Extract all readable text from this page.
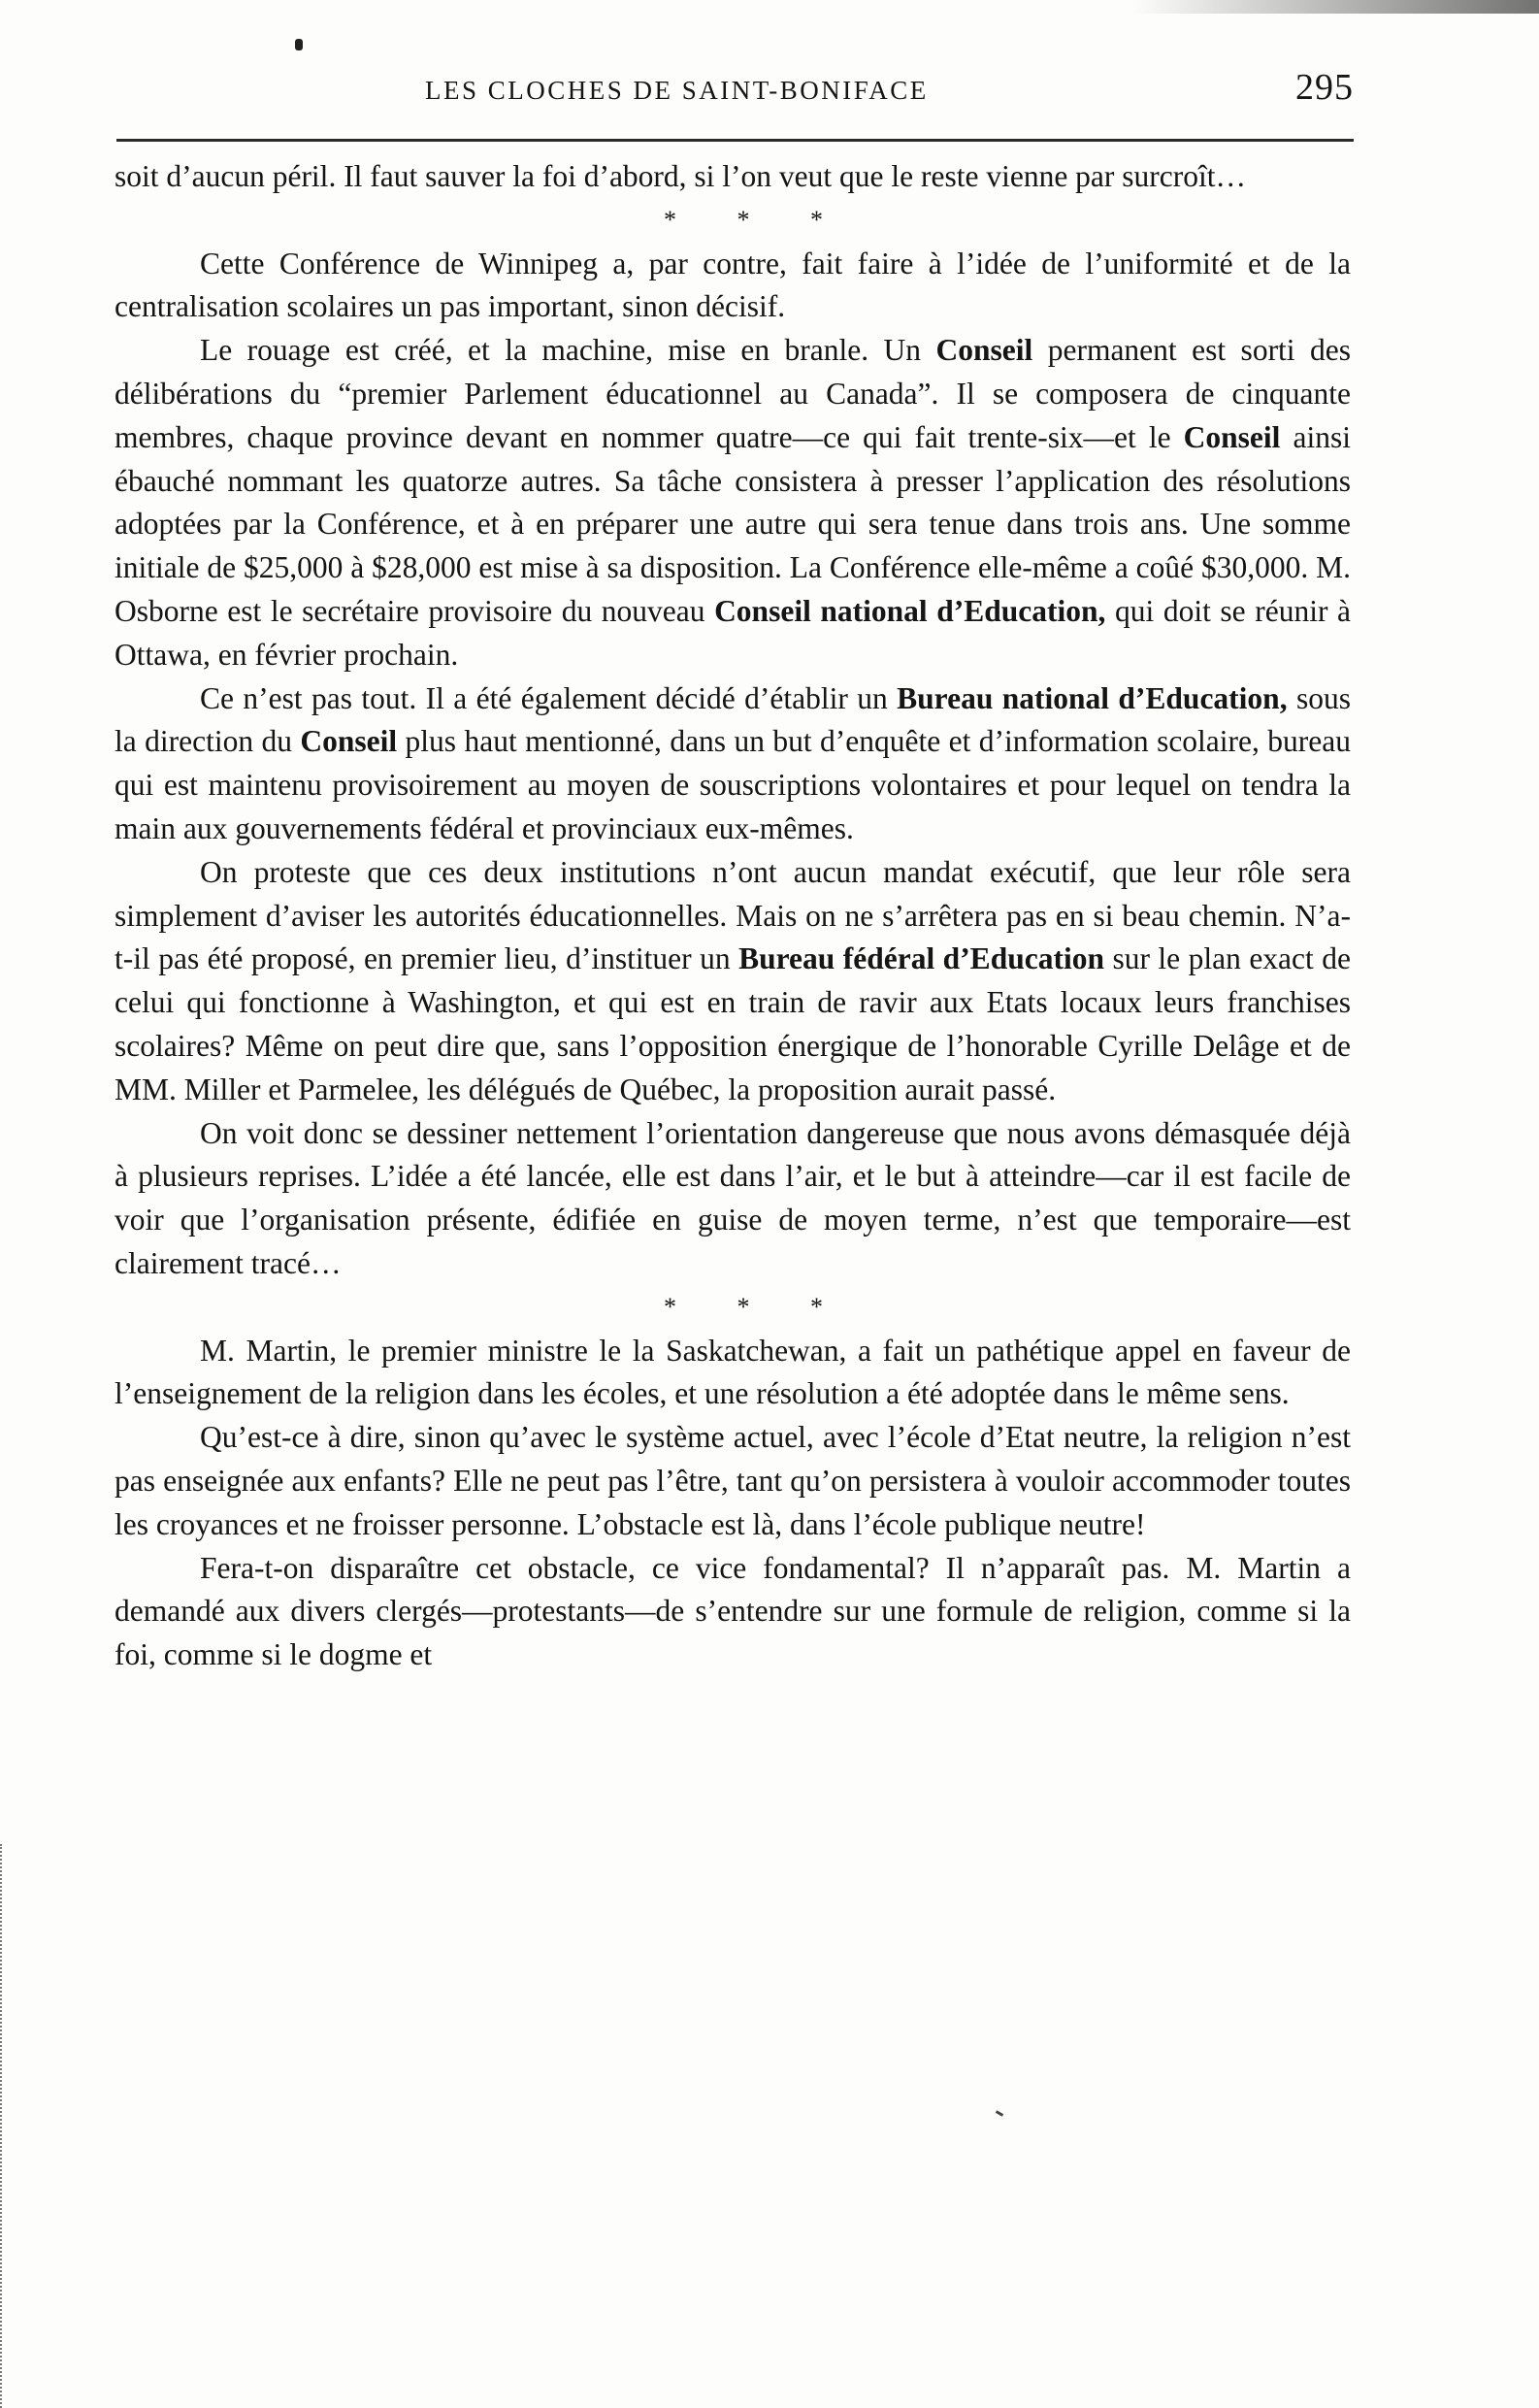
LES CLOCHES DE SAINT-BONIFACE	295

soit d’aucun péril. Il faut sauver la foi d’abord, si l’on veut que le reste vienne par surcroît…

* * *

Cette Conférence de Winnipeg a, par contre, fait faire à l’idée de l’uniformité et de la centralisation scolaires un pas important, sinon décisif.

Le rouage est créé, et la machine, mise en branle. Un Conseil permanent est sorti des délibérations du “premier Parlement éducationnel au Canada”. Il se composera de cinquante membres, chaque province devant en nommer quatre—ce qui fait trente-six—et le Conseil ainsi ébauché nommant les quatorze autres. Sa tâche consistera à presser l’application des résolutions adoptées par la Conférence, et à en préparer une autre qui sera tenue dans trois ans. Une somme initiale de $25,000 à $28,000 est mise à sa disposition. La Conférence elle-même a coûé $30,000. M. Osborne est le secrétaire provisoire du nouveau Conseil national d’Education, qui doit se réunir à Ottawa, en février prochain.

Ce n’est pas tout. Il a été également décidé d’établir un Bureau national d’Education, sous la direction du Conseil plus haut mentionné, dans un but d’enquête et d’information scolaire, bureau qui est maintenu provisoirement au moyen de souscriptions volontaires et pour lequel on tendra la main aux gouvernements fédéral et provinciaux eux-mêmes.

On proteste que ces deux institutions n’ont aucun mandat exécutif, que leur rôle sera simplement d’aviser les autorités éducationnelles. Mais on ne s’arrêtera pas en si beau chemin. N’a-t-il pas été proposé, en premier lieu, d’instituer un Bureau fédéral d’Education sur le plan exact de celui qui fonctionne à Washington, et qui est en train de ravir aux Etats locaux leurs franchises scolaires? Même on peut dire que, sans l’opposition énergique de l’honorable Cyrille Delâge et de MM. Miller et Parmelee, les délégués de Québec, la proposition aurait passé.

On voit donc se dessiner nettement l’orientation dangereuse que nous avons démasquée déjà à plusieurs reprises. L’idée a été lancée, elle est dans l’air, et le but à atteindre—car il est facile de voir que l’organisation présente, édifiée en guise de moyen terme, n’est que temporaire—est clairement tracé…

* * *

M. Martin, le premier ministre le la Saskatchewan, a fait un pathétique appel en faveur de l’enseignement de la religion dans les écoles, et une résolution a été adoptée dans le même sens.

Qu’est-ce à dire, sinon qu’avec le système actuel, avec l’école d’Etat neutre, la religion n’est pas enseignée aux enfants? Elle ne peut pas l’être, tant qu’on persistera à vouloir accommoder toutes les croyances et ne froisser personne. L’obstacle est là, dans l’école publique neutre!

Fera-t-on disparaître cet obstacle, ce vice fondamental? Il n’apparaît pas. M. Martin a demandé aux divers clergés—protestants—de s’entendre sur une formule de religion, comme si la foi, comme si le dogme et
